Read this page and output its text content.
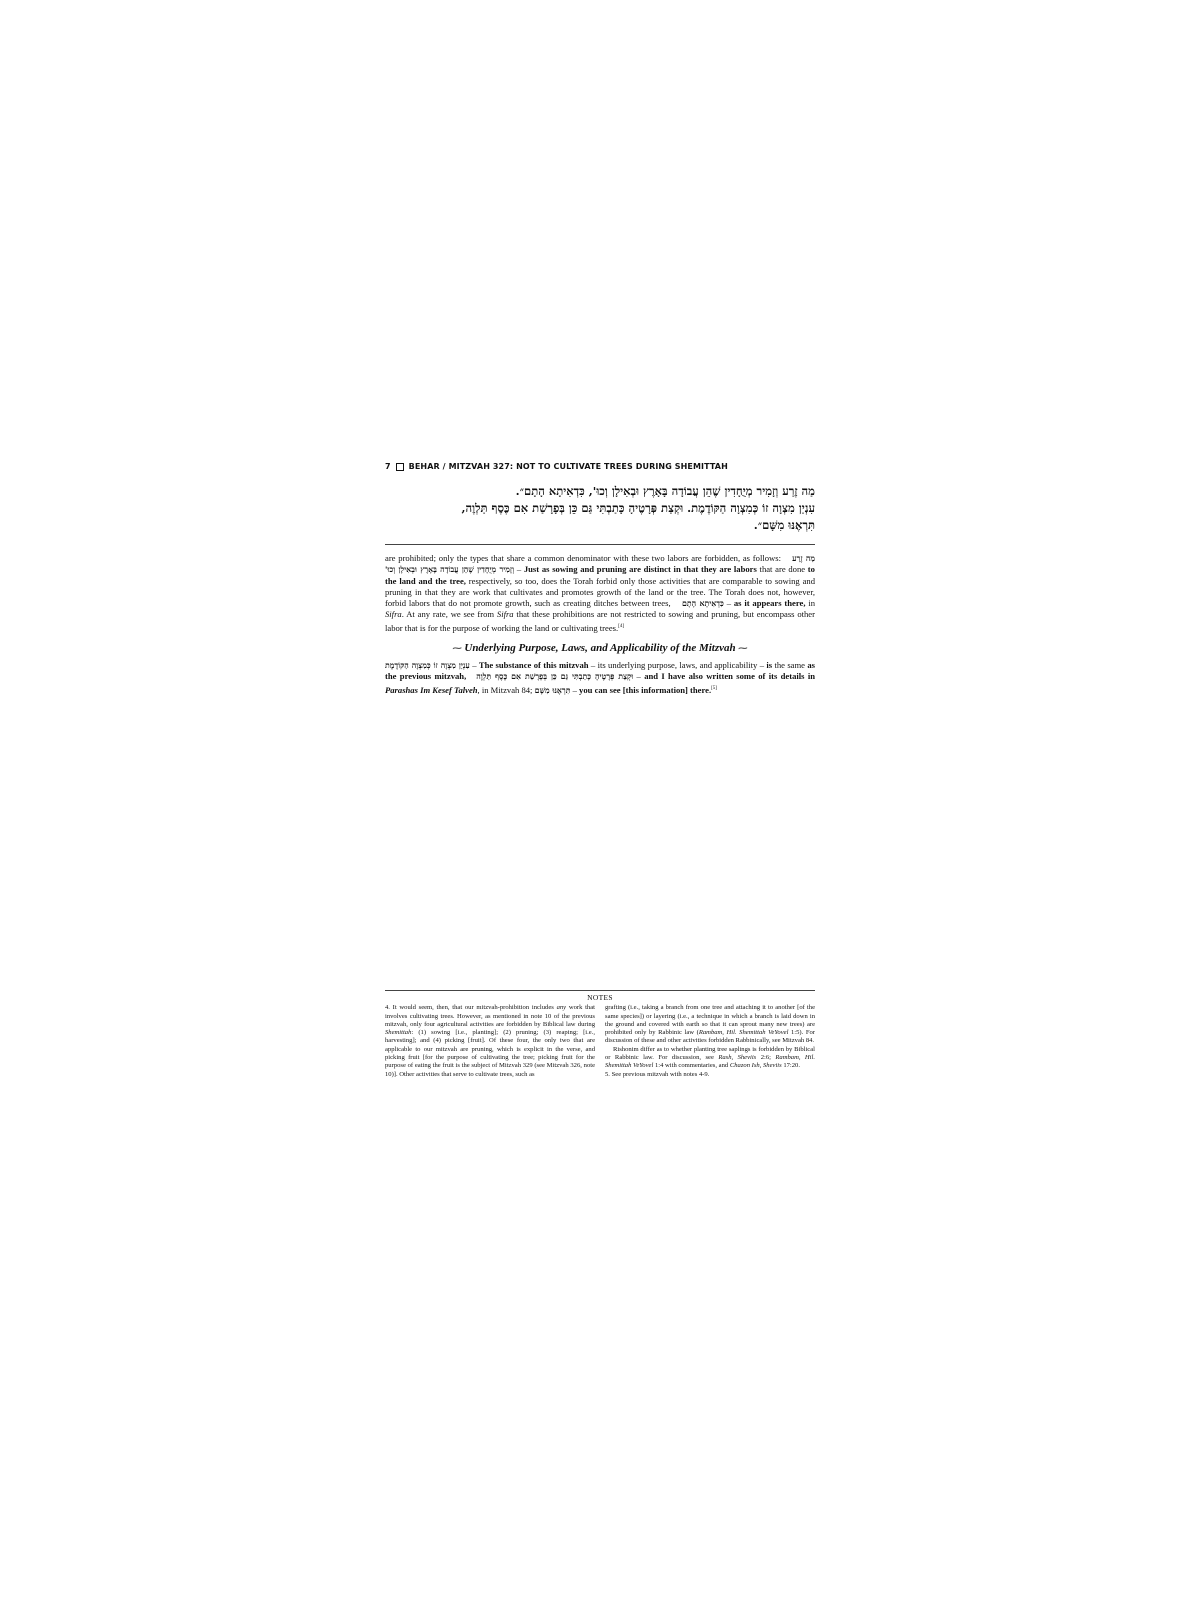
7 BEHAR / MITZVAH 327: NOT TO CULTIVATE TREES DURING SHEMITTAH
מַה זֶרַע וְזָמִיר מְיֻחָדִין שֶׁהֵן עֲבוֹדָה בָּאָרֶץ וּבְאִילָן וְכוּ', כִּדְאִיתָא הָתָם״.
עִנְיַן מִצְוָה זוֹ כְּמִצְוָה הַקּוֹדֶמֶת. וּקְצַת פְּרָטֶיהָ כָּתַבְתִּי גַּם כֵּן בְּפָרָשַׁת אִם כֶּסֶף תַּלְוֶה,
תִּרְאֶנּוּ מִשָּׁם״.

are prohibited; only the types that share a common denominator with these two labors are forbidden, as follows: מַה זֶרַע וְזָמִיר מְיֻחָדִין שֶׁהֵן עֲבוֹדָה בָּאָרֶץ וּבְאִילָן וְכוּ' – Just as sowing and pruning are distinct in that they are labors that are done to the land and the tree, respectively, so too, does the Torah forbid only those activities that are comparable to sowing and pruning in that they are work that cultivates and promotes growth of the land or the tree. The Torah does not, however, forbid labors that do not promote growth, such as creating ditches between trees, כִּדְאִיתָא הָתָם – as it appears there, in Sifra. At any rate, we see from Sifra that these prohibitions are not restricted to sowing and pruning, but encompass other labor that is for the purpose of working the land or cultivating trees.[4]

⁓ Underlying Purpose, Laws, and Applicability of the Mitzvah ⁓

עִנְיַן מִצְוָה זוֹ כְּמִצְוָה הַקּוֹדֶמֶת – The substance of this mitzvah – its underlying purpose, laws, and applicability – is the same as the previous mitzvah, וּקְצַת פְּרָטֶיהָ כָּתַבְתִּי גַּם כֵּן בְּפָרָשַׁת אִם כֶּסֶף תַּלְוֶה – and I have also written some of its details in Parashas Im Kesef Talveh, in Mitzvah 84; תִּרְאֶנּוּ מִשָּׁם – you can see [this information] there.[5]

NOTES

4. It would seem, then, that our mitzvah-prohibition includes any work that involves cultivating trees. However, as mentioned in note 10 of the previous mitzvah, only four agricultural activities are forbidden by Biblical law during Shemittah: (1) sowing [i.e., planting]; (2) pruning; (3) reaping; [i.e., harvesting]; and (4) picking [fruit]. Of these four, the only two that are applicable to our mitzvah are pruning, which is explicit in the verse, and picking fruit [for the purpose of cultivating the tree; picking fruit for the purpose of eating the fruit is the subject of Mitzvah 329 (see Mitzvah 326, note 10)]. Other activities that serve to cultivate trees, such as

grafting (i.e., taking a branch from one tree and attaching it to another [of the same species]) or layering (i.e., a technique in which a branch is laid down in the ground and covered with earth so that it can sprout many new trees) are prohibited only by Rabbinic law (Rambam, Hil. Shemittah VeYovel 1:5). For discussion of these and other activities forbidden Rabbinically, see Mitzvah 84.

Rishonim differ as to whether planting tree saplings is forbidden by Biblical or Rabbinic law. For discussion, see Rash, Sheviis 2:6; Rambam, Hil. Shemittah VeYovel 1:4 with commentaries, and Chazon Ish, Sheviis 17:20.

5. See previous mitzvah with notes 4-9.
